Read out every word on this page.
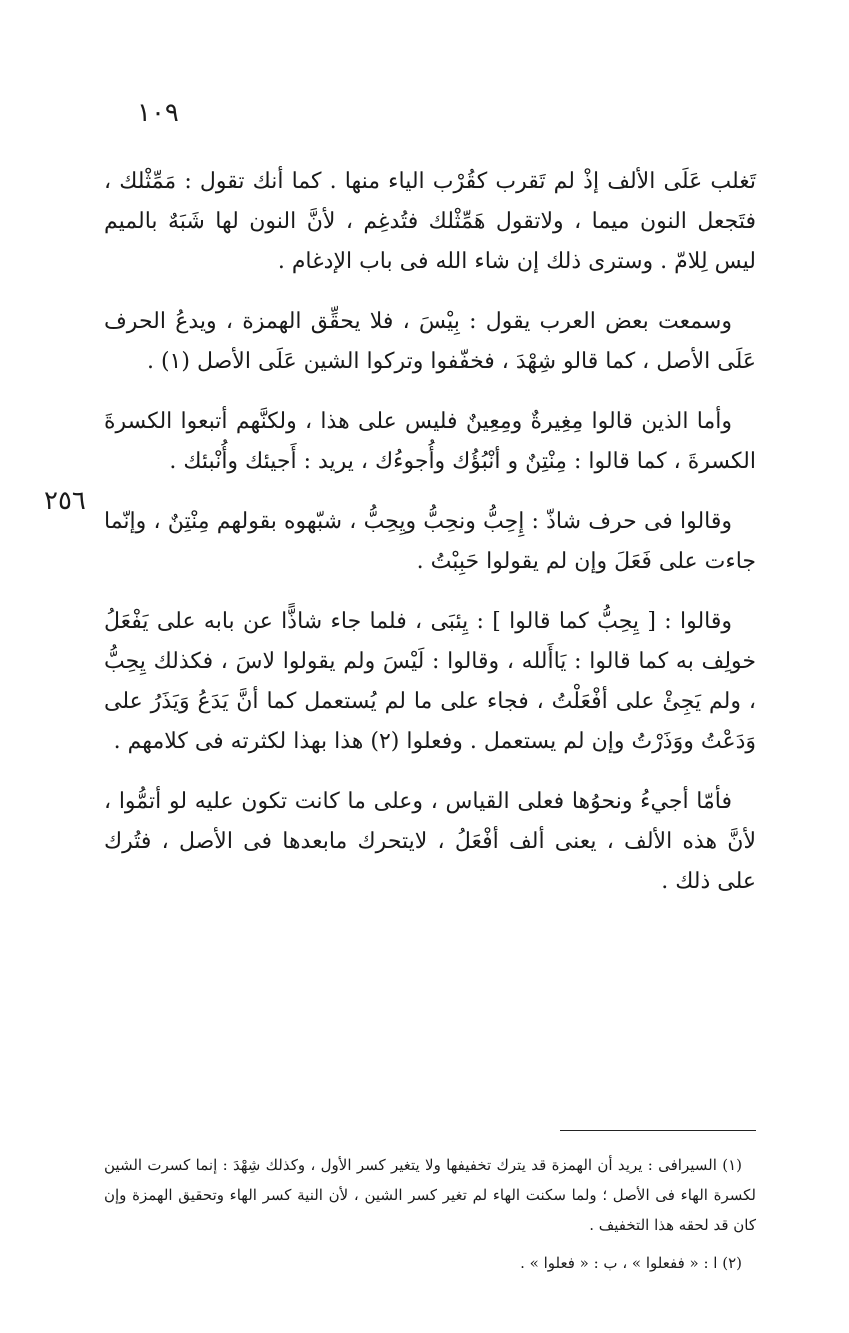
١٠٩
٢٥٦

تَغلب عَلَى الألف إذْ لم تَقرب كقُرْب الياء منها . كما أنك تقول : مَمِّثْلك ، فتَجعل النون ميما ، ولاتقول هَمِّثْلك فتُدغِم ، لأنَّ النون لها شَبَهٌ بالميم ليس لِلامّ . وسترى ذلك إن شاء الله فى باب الإدغام .

وسمعت بعض العرب يقول : بِيْسَ ، فلا يحقِّق الهمزة ، ويدعُ الحرف عَلَى الأصل ، كما قالو شِهْدَ ، فخفّفوا وتركوا الشين عَلَى الأصل (١) .

وأما الذين قالوا مِغِيرةٌ ومِعِينٌ فليس على هذا ، ولكنَّهم أتبعوا الكسرةَ الكسرةَ ، كما قالوا : مِنْتِنٌ و أنْبُؤُك وأُجوءُك ، يريد : أَجيئك وأُنْبئك .

وقالوا فى حرف شاذّ : إِحِبُّ ونحِبُّ ويِحِبُّ ، شبّهوه بقولهم مِنْتِنٌ ، وإنّما جاءت على فَعَلَ وإن لم يقولوا حَبِبْتُ .

وقالوا : [ يِحِبُّ كما قالوا ] : يِئبَى ، فلما جاء شاذًّا عن بابه على يَفْعَلُ خولِف به كما قالوا : يَاأَلله ، وقالوا : لَيْسَ ولم يقولوا لاسَ ، فكذلك يِحِبُّ ، ولم يَجِئْ على أفْعَلْتُ ، فجاء على ما لم يُستعمل كما أنَّ يَدَعُ وَيَذَرُ على وَدَعْتُ ووَذَرْتُ وإن لم يستعمل . وفعلوا (٢) هذا بهذا لكثرته فى كلامهم .

فأمّا أجيءُ ونحوُها فعلى القياس ، وعلى ما كانت تكون عليه لو أتمُّوا ، لأنَّ هذه الألف ، يعنى ألف أفْعَلُ ، لايتحرك مابعدها فى الأصل ، فتُرك على ذلك .

(١) السيرافى : يريد أن الهمزة قد يترك تخفيفها ولا يتغير كسر الأول ، وكذلك شِهْدَ : إنما كسرت الشين لكسرة الهاء فى الأصل ؛ ولما سكنت الهاء لم تغير كسر الشين ، لأن النية كسر الهاء وتحقيق الهمزة وإن كان قد لحقه هذا التخفيف .

(٢) ا : « ففعلوا » ، ب : « فعلوا » .
